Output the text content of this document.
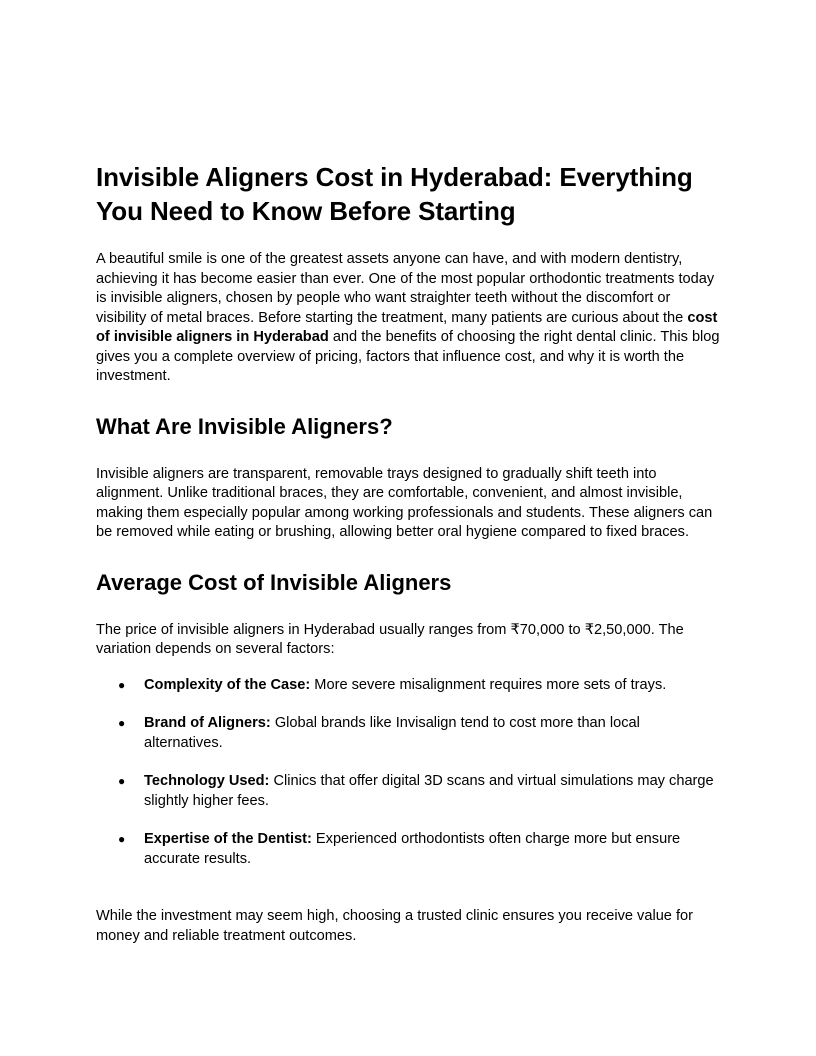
Invisible Aligners Cost in Hyderabad: Everything You Need to Know Before Starting

A beautiful smile is one of the greatest assets anyone can have, and with modern dentistry, achieving it has become easier than ever. One of the most popular orthodontic treatments today is invisible aligners, chosen by people who want straighter teeth without the discomfort or visibility of metal braces. Before starting the treatment, many patients are curious about the cost of invisible aligners in Hyderabad and the benefits of choosing the right dental clinic. This blog gives you a complete overview of pricing, factors that influence cost, and why it is worth the investment.

What Are Invisible Aligners?

Invisible aligners are transparent, removable trays designed to gradually shift teeth into alignment. Unlike traditional braces, they are comfortable, convenient, and almost invisible, making them especially popular among working professionals and students. These aligners can be removed while eating or brushing, allowing better oral hygiene compared to fixed braces.

Average Cost of Invisible Aligners

The price of invisible aligners in Hyderabad usually ranges from ₹70,000 to ₹2,50,000. The variation depends on several factors:

● Complexity of the Case: More severe misalignment requires more sets of trays.
● Brand of Aligners: Global brands like Invisalign tend to cost more than local alternatives.
● Technology Used: Clinics that offer digital 3D scans and virtual simulations may charge slightly higher fees.
● Expertise of the Dentist: Experienced orthodontists often charge more but ensure accurate results.

While the investment may seem high, choosing a trusted clinic ensures you receive value for money and reliable treatment outcomes.
